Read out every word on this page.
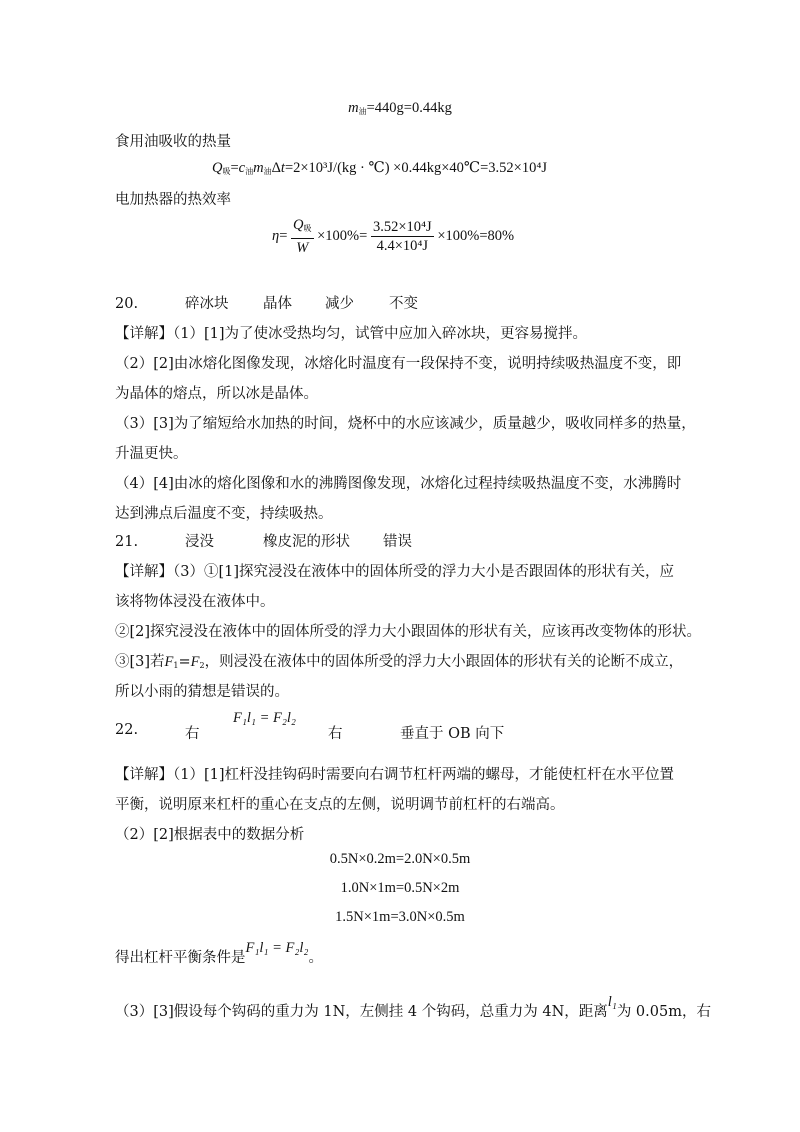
$m_油=440g=0.44kg$
食用油吸收的热量
$Q_吸=c_油m_油\Delta t=2\times 10^3J/(kg$ · ℃) ×0.44kg×40℃=3.52×10⁴J
电加热器的热效率
$\eta= \frac{Q_吸}{W} \times 100\%= \frac{\text{3.52×10⁴J}}{\text{4.4×10⁴J}} \times 100\%=80\%$
20.	碎冰块 晶体 减少 不变
【详解】（1）[1]为了使冰受热均匀，试管中应加入碎冰块，更容易搅拌。
（2）[2]由冰熔化图像发现，冰熔化时温度有一段保持不变，说明持续吸热温度不变，即
为晶体的熔点，所以冰是晶体。
（3）[3]为了缩短给水加热的时间，烧杯中的水应该减少，质量越少，吸收同样多的热量，
升温更快。
（4）[4]由冰的熔化图像和水的沸腾图像发现，冰熔化过程持续吸热温度不变，水沸腾时
达到沸点后温度不变，持续吸热。
21.	浸没	橡皮泥的形状 错误
【详解】（3）①[1]探究浸没在液体中的固体所受的浮力大小是否跟固体的形状有关，应
该将物体浸没在液体中。
②[2]探究浸没在液体中的固体所受的浮力大小跟固体的形状有关，应该再改变物体的形状。
③[3]若$F_1=F_2$，则浸没在液体中的固体所受的浮力大小跟固体的形状有关的论断不成立，
所以小雨的猜想是错误的。
22.	右
F₁l₁ = F₂l₂
右	垂直于 OB 向下
【详解】（1）[1]杠杆没挂钩码时需要向右调节杠杆两端的螺母，才能使杠杆在水平位置
平衡，说明原来杠杆的重心在支点的左侧，说明调节前杠杆的右端高。
（2）[2]根据表中的数据分析
0.5N×0.2m=2.0N×0.5m
1.0N×1m=0.5N×2m
1.5N×1m=3.0N×0.5m
得出杠杆平衡条件是F₁l₁ = F₂l₂。
（3）[3]假设每个钩码的重力为 1N，左侧挂 4 个钩码，总重力为 4N，距离l₁为 0.05m，右
